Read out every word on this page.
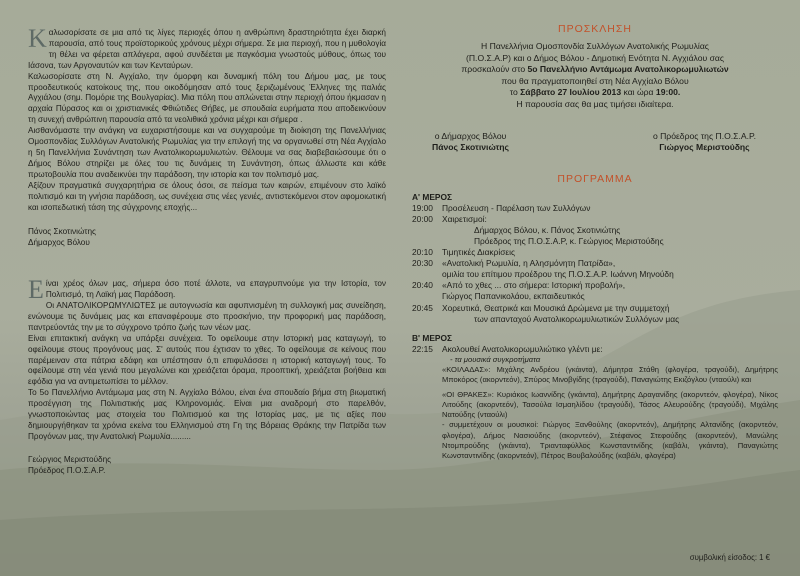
Καλωσορίσατε σε μια από τις λίγες περιοχές όπου η ανθρώπινη δραστηριότητα έχει διαρκή παρουσία, από τους προϊστορικούς χρόνους μέχρι σήμερα. Σε μια περιοχή, που η μυθολογία τη θέλει να φέρεται απλάγερα, αφού συνδέεται με παγκόσμια γνωστούς μύθους, όπως του Ιάσονα, των Αργοναυτών και των Κενταύρων.

Καλωσορίσατε στη Ν. Αγχίαλο, την όμορφη και δυναμική πόλη του Δήμου μας, με τους προοδευτικούς κατοίκους της, που οικοδόμησαν από τους ξεριζωμένους Έλληνες της παλιάς Αγχιάλου (σημ. Πομόριε της Βουλγαρίας). Μια πόλη που απλώνεται στην περιοχή όπου ήκμασαν η αρχαία Πύρασος και οι χριστιανικές Φθιώτιδες Θήβες, με σπουδαία ευρήματα που αποδεικνύουν τη συνεχή ανθρώπινη παρουσία από τα νεολιθικά χρόνια μέχρι και σήμερα .

Αισθανόμαστε την ανάγκη να ευχαριστήσουμε και να συγχαρούμε τη διοίκηση της Πανελλήνιας Ομοσπονδίας Συλλόγων Ανατολικής Ρωμυλίας για την επιλογή της να οργανωθεί στη Νέα Αγχίαλο η 5η Πανελλήνια Συνάντηση των Ανατολικορωμυλιωτών. Θέλουμε να σας διαβεβαιώσουμε ότι ο Δήμος Βόλου στηρίζει με όλες του τις δυνάμεις τη Συνάντηση, όπως άλλωστε και κάθε πρωτοβουλία που αναδεικνύει την παράδοση, την ιστορία και τον πολιτισμό μας.

Αξίζουν πραγματικά συγχαρητήρια σε όλους όσοι, σε πείσμα των καιρών, επιμένουν στο λαϊκό πολιτισμό και τη γνήσια παράδοση, ως συνέχεια στις νέες γενιές, αντιστεκόμενοι στον αφομοιωτική και ισοπεδωτική τάση της σύγχρονης εποχής...

Πάνος Σκοτινιώτης

Δήμαρχος Βόλου

Είναι χρέος όλων μας, σήμερα όσο ποτέ άλλοτε, να επαγρυπνούμε για την Ιστορία, τον Πολιτισμό, τη Λαϊκή μας Παράδοση.

Οι ΑΝΑΤΟΛΙΚΟΡΩΜΥΛΙΩΤΕΣ με αυτογνωσία και αφυπνισμένη τη συλλογική μας συνείδηση, ενώνουμε τις δυνάμεις μας και επαναφέρουμε στο προσκήνιο, την προφορική μας παράδοση, παντρεύοντάς την με το σύγχρονο τρόπο ζωής των νέων μας.

Είναι επιτακτική ανάγκη να υπάρξει συνέχεια. Το οφείλουμε στην Ιστορική μας καταγωγή, το οφείλουμε στους προγόνους μας. Σ' αυτούς που έχτισαν το χθες. Το οφείλουμε σε κείνους που παρέμειναν στα πάτρια εδάφη και υπέστησαν ό,τι επιφυλάσσει η ιστορική καταγωγή τους. Το οφείλουμε στη νέα γενιά που μεγαλώνει και χρειάζεται όραμα, προοπτική, χρειάζεται βοήθεια και εφόδια για να αντιμετωπίσει το μέλλον.

Το 5ο Πανελλήνιο Αντάμωμα μας στη Ν. Αγχίαλο Βόλου, είναι ένα σπουδαίο βήμα στη βιωματική προσέγγιση της Πολιτιστικής μας Κληρονομιάς. Είναι μια αναδρομή στο παρελθόν, γνωστοποιώντας μας στοιχεία του Πολιτισμού και της Ιστορίας μας, με τις αξίες που δημιουργήθηκαν τα χρόνια εκείνα του Ελληνισμού στη Γη της Βόρειας Θράκης την Πατρίδα των Προγόνων μας, την Ανατολική Ρωμυλία.........

Γεώργιος Μεριστούδης

Πρόεδρος Π.Ο.Σ.Α.Ρ.

ΠΡΟΣΚΛΗΣΗ

Η Πανελλήνια Ομοσπονδία Συλλόγων Ανατολικής Ρωμυλίας
(Π.Ο.Σ.Α.Ρ) και ο Δήμος Βόλου - Δημοτική Ενότητα Ν. Αγχιάλου σας
προσκαλούν στο 5ο Πανελλήνιο Αντάμωμα Ανατολικορωμυλιωτών
που θα πραγματοποιηθεί στη Νέα Αγχίαλο Βόλου
το Σάββατο 27 Ιουλίου 2013 και ώρα 19:00.
Η παρουσία σας θα μας τιμήσει ιδιαίτερα.
ο Δήμαρχος Βόλου
Πάνος Σκοτινιώτης
ο Πρόεδρος της Π.Ο.Σ.Α.Ρ.
Γιώργος Μεριστούδης

ΠΡΟΓΡΑΜΜΑ

Α' ΜΕΡΟΣ
19:00	Προσέλευση - Παρέλαση των Συλλόγων
20:00	Χαιρετισμοί:
Δήμαρχος Βόλου, κ. Πάνος Σκοτινιώτης
Πρόεδρος της Π.Ο.Σ.Α.Ρ, κ. Γεώργιος Μεριστούδης
20:10	Τιμητικές Διακρίσεις
20:30	«Ανατολική Ρωμυλία, η Αλησμόνητη Πατρίδα»,
ομιλία του επίτιμου προέδρου της Π.Ο.Σ.Α.Ρ. Ιωάννη Μηνούδη
20:40	«Από το χθες ... στο σήμερα: Ιστορική προβολή»,
Γιώργος Παπανικολάου, εκπαιδευτικός
20:45	Χορευτικά, Θεατρικά και Μουσικά Δρώμενα με την συμμετοχή
των απανταχού Ανατολικορωμυλιωτικών Συλλόγων μας
Β' ΜΕΡΟΣ
22:15	Ακολουθεί Ανατολικορωμυλιώτικο γλέντι με:
- τα μουσικά συγκροτήματα
«ΚΟΙΛΑΔΑΣ»: Μιχάλης Ανδρέου (γκάιντα), Δήμητρα Στάθη (φλογέρα, τραγούδι), Δημήτρης Μποκόρος (ακορντεόν), Σπύρος Μινοβγίδης (τραγούδι), Παναγιώτης Εκιζόγλου (νταούλι) και
«ΟΙ ΘΡΑΚΕΣ»: Κυριάκος Ιωαννίδης (γκάιντα), Δημήτρης Δραγανίδης (ακορντεόν, φλογέρα), Νίκος Λιτούδης (ακορντεόν), Τασούλα Ισμαηλίδου (τραγούδι), Τάσος Αλευρούδης (τραγούδι), Μιχάλης Νατούδης (νταούλι)
- συμμετέχουν οι μουσικοί: Γιώργος Ξανθούλης (ακορντεόν), Δημήτρης Αλτανίδης (ακορντεόν, φλογέρα), Δήμος Νασιούδης (ακορντεόν), Στέφανος Στεφούδης (ακορντεόν), Μανώλης Ντομπρούδης (γκάιντα), Τριανταφύλλος Κωνσταντινίδης (καβάλι, γκάιντα), Παναγιώτης Κωνσταντινίδης (ακορντεόν), Πέτρος Βουβαλούδης (καβάλι, φλογέρα)
συμβολική είσοδος: 1 €
